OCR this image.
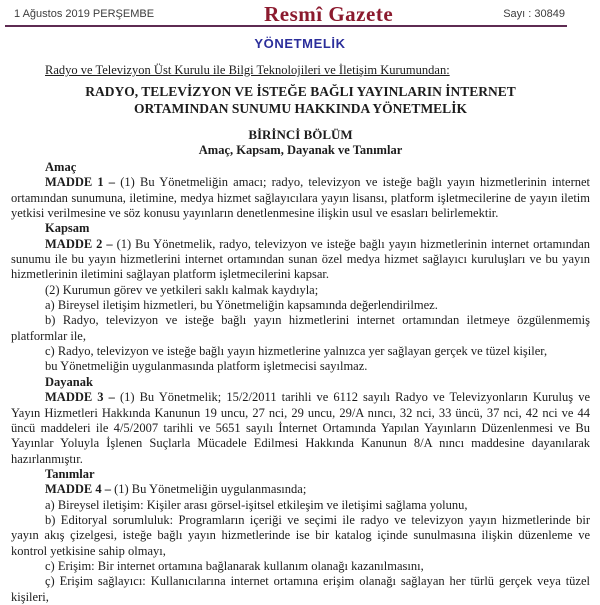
1 Ağustos 2019 PERŞEMBE	Resmî Gazete	Sayı : 30849
YÖNETMELİK
Radyo ve Televizyon Üst Kurulu ile Bilgi Teknolojileri ve İletişim Kurumundan:
RADYO, TELEVİZYON VE İSTEĞE BAĞLI YAYINLARIN İNTERNET
ORTAMINDAN SUNUMU HAKKINDA YÖNETMELİK
BİRİNCİ BÖLÜM
Amaç, Kapsam, Dayanak ve Tanımlar

Amaç

MADDE 1 – (1) Bu Yönetmeliğin amacı; radyo, televizyon ve isteğe bağlı yayın hizmetlerinin internet ortamından sunumuna, iletimine, medya hizmet sağlayıcılara yayın lisansı, platform işletmecilerine de yayın iletim yetkisi verilmesine ve söz konusu yayınların denetlenmesine ilişkin usul ve esasları belirlemektir.

Kapsam

MADDE 2 – (1) Bu Yönetmelik, radyo, televizyon ve isteğe bağlı yayın hizmetlerinin internet ortamından sunumu ile bu yayın hizmetlerini internet ortamından sunan özel medya hizmet sağlayıcı kuruluşları ve bu yayın hizmetlerinin iletimini sağlayan platform işletmecilerini kapsar.

(2) Kurumun görev ve yetkileri saklı kalmak kaydıyla;

a) Bireysel iletişim hizmetleri, bu Yönetmeliğin kapsamında değerlendirilmez.

b) Radyo, televizyon ve isteğe bağlı yayın hizmetlerini internet ortamından iletmeye özgülenmemiş platformlar ile,

c) Radyo, televizyon ve isteğe bağlı yayın hizmetlerine yalnızca yer sağlayan gerçek ve tüzel kişiler,

bu Yönetmeliğin uygulanmasında platform işletmecisi sayılmaz.

Dayanak

MADDE 3 – (1) Bu Yönetmelik; 15/2/2011 tarihli ve 6112 sayılı Radyo ve Televizyonların Kuruluş ve Yayın Hizmetleri Hakkında Kanunun 19 uncu, 27 nci, 29 uncu, 29/A nıncı, 32 nci, 33 üncü, 37 nci, 42 nci ve 44 üncü maddeleri ile 4/5/2007 tarihli ve 5651 sayılı İnternet Ortamında Yapılan Yayınların Düzenlenmesi ve Bu Yayınlar Yoluyla İşlenen Suçlarla Mücadele Edilmesi Hakkında Kanunun 8/A nıncı maddesine dayanılarak hazırlanmıştır.

Tanımlar

MADDE 4 – (1) Bu Yönetmeliğin uygulanmasında;

a) Bireysel iletişim: Kişiler arası görsel-işitsel etkileşim ve iletişimi sağlama yolunu,

b) Editoryal sorumluluk: Programların içeriği ve seçimi ile radyo ve televizyon yayın hizmetlerinde bir yayın akış çizelgesi, isteğe bağlı yayın hizmetlerinde ise bir katalog içinde sunulmasına ilişkin düzenleme ve kontrol yetkisine sahip olmayı,

c) Erişim: Bir internet ortamına bağlanarak kullanım olanağı kazanılmasını,

ç) Erişim sağlayıcı: Kullanıcılarına internet ortamına erişim olanağı sağlayan her türlü gerçek veya tüzel kişileri,
